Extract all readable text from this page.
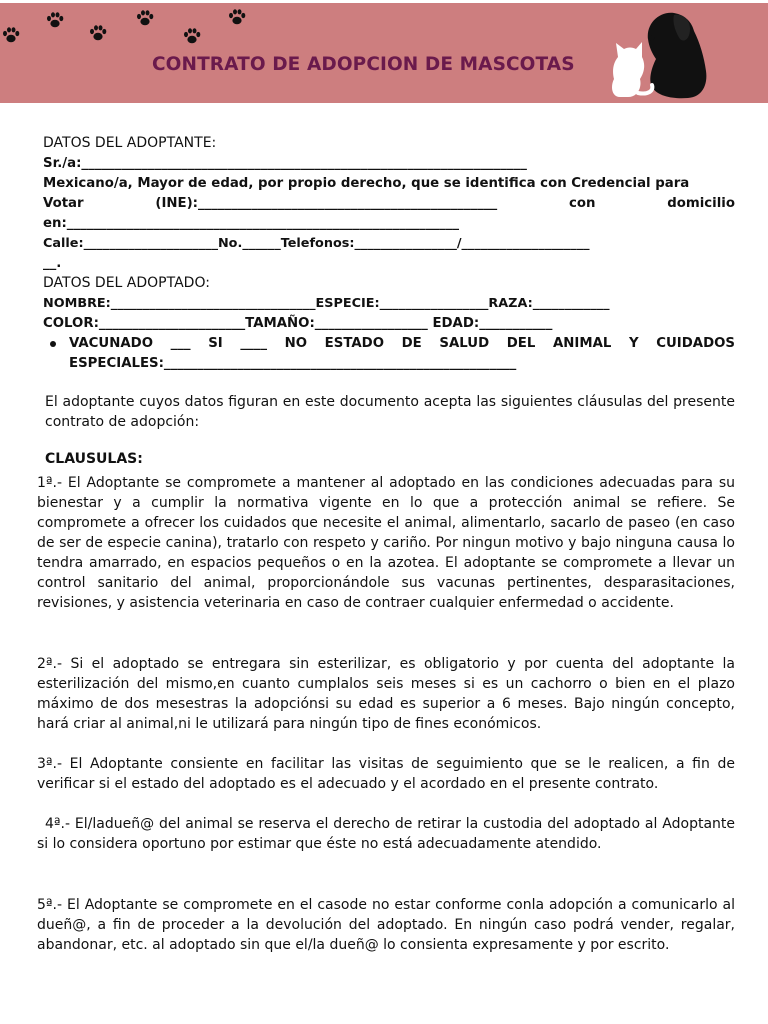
CONTRATO DE ADOPCION DE MASCOTAS
DATOS DEL ADOPTANTE:
Sr./a:___________________________________________________________________
Mexicano/a, Mayor de edad, por propio derecho, que se identifica con Credencial para
Votar (INE):_____________________________________________ con domicilio
en:___________________________________________________________
Calle:_____________________No.______Telefonos:________________/____________________
__.
DATOS DEL ADOPTADO:
NOMBRE:________________________________ESPECIE:_________________RAZA:____________
COLOR:______________________TAMAÑO:_________________ EDAD:___________
VACUNADO ___ SI ____ NO ESTADO DE SALUD DEL ANIMAL Y CUIDADOS
ESPECIALES:_____________________________________________________
El adoptante cuyos datos figuran en este documento acepta las siguientes cláusulas del presente contrato de adopción:
CLAUSULAS:
1ª.- El Adoptante se compromete a mantener al adoptado en las condiciones adecuadas para su bienestar y a cumplir la normativa vigente en lo que a protección animal se refiere. Se compromete a ofrecer los cuidados que necesite el animal, alimentarlo, sacarlo de paseo (en caso de ser de especie canina), tratarlo con respeto y cariño. Por ningun motivo y bajo ninguna causa lo tendra amarrado, en espacios pequeños o en la azotea. El adoptante se compromete a llevar un control sanitario del animal, proporcionándole sus vacunas pertinentes, desparasitaciones, revisiones, y asistencia veterinaria en caso de contraer cualquier enfermedad o accidente.
2ª.- Si el adoptado se entregara sin esterilizar, es obligatorio y por cuenta del adoptante la esterilización del mismo,en cuanto cumplalos seis meses si es un cachorro o bien en el plazo máximo de dos mesestras la adopciónsi su edad es superior a 6 meses. Bajo ningún concepto, hará criar al animal,ni le utilizará para ningún tipo de fines económicos.
3ª.- El Adoptante consiente en facilitar las visitas de seguimiento que se le realicen, a fin de verificar si el estado del adoptado es el adecuado y el acordado en el presente contrato.
4ª.- El/ladueñ@ del animal se reserva el derecho de retirar la custodia del adoptado al Adoptante si lo considera oportuno por estimar que éste no está adecuadamente atendido.
5ª.- El Adoptante se compromete en el casode no estar conforme conla adopción a comunicarlo al dueñ@, a fin de proceder a la devolución del adoptado. En ningún caso podrá vender, regalar, abandonar, etc. al adoptado sin que el/la dueñ@ lo consienta expresamente y por escrito.
